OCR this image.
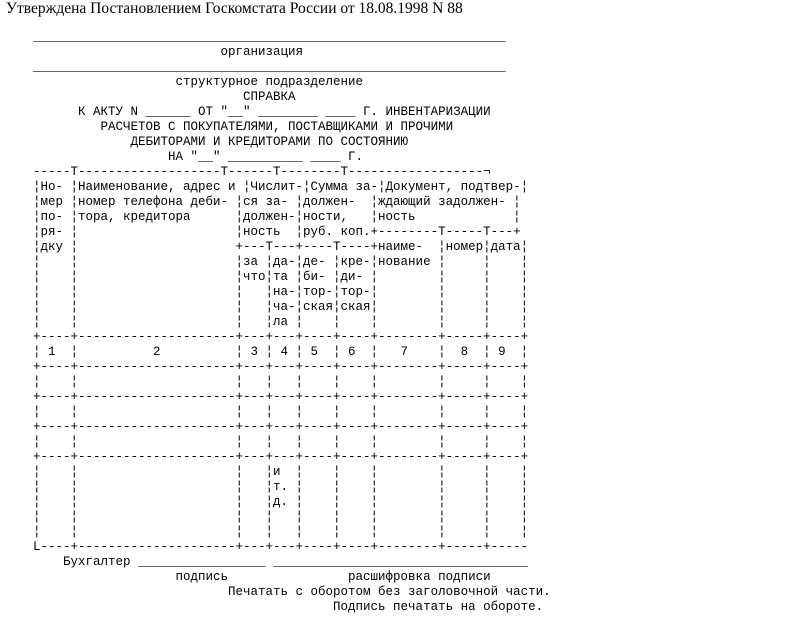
Утверждена Постановлением Госкомстата России от 18.08.1998 N 88
_______________________________________________________________
организация
_______________________________________________________________
структурное подразделение
СПРАВКА
К АКТУ N ______ ОТ "__" ________ ____ Г. ИНВЕНТАРИЗАЦИИ
РАСЧЕТОВ С ПОКУПАТЕЛЯМИ, ПОСТАВЩИКАМИ И ПРОЧИМИ
ДЕБИТОРАМИ И КРЕДИТОРАМИ ПО СОСТОЯНИЮ
НА "__" __________ ____ Г.
-----T-------------------T------T--------T------------------¬
¦Но- ¦Наименование, адрес и ¦Числит-¦Сумма за-¦Документ, подтвер-¦
¦мер ¦номер телефона деби- ¦ся за- ¦должен-  ¦ждающий задолжен- ¦
¦по- ¦тора, кредитора      ¦должен-¦ности,   ¦ность             ¦
¦ря- ¦                     ¦ность  ¦руб. коп.+--------T-----T---+
¦дку ¦                     +---T---+----T----+наиме-  ¦номер¦дата¦
¦    ¦                     ¦за ¦да-¦де- ¦кре-¦нование ¦     ¦    ¦
¦    ¦                     ¦что¦та ¦би- ¦ди- ¦        ¦     ¦    ¦
¦    ¦                     ¦   ¦на-¦тор-¦тор-¦        ¦     ¦    ¦
¦    ¦                     ¦   ¦ча-¦ская¦ская¦        ¦     ¦    ¦
¦    ¦                     ¦   ¦ла ¦    ¦    ¦        ¦     ¦    ¦
+----+---------------------+---+---+----+----+--------+-----+----+
¦ 1  ¦          2          ¦ 3 ¦ 4 ¦ 5  ¦ 6  ¦   7    ¦  8  ¦ 9  ¦
+----+---------------------+---+---+----+----+--------+-----+----+
¦    ¦                     ¦   ¦   ¦    ¦    ¦        ¦     ¦    ¦
+----+---------------------+---+---+----+----+--------+-----+----+
¦    ¦                     ¦   ¦   ¦    ¦    ¦        ¦     ¦    ¦
+----+---------------------+---+---+----+----+--------+-----+----+
¦    ¦                     ¦   ¦   ¦    ¦    ¦        ¦     ¦    ¦
+----+---------------------+---+---+----+----+--------+-----+----+
¦    ¦                     ¦   ¦и  ¦    ¦    ¦        ¦     ¦    ¦
¦    ¦                     ¦   ¦т. ¦    ¦    ¦        ¦     ¦    ¦
¦    ¦                     ¦   ¦д. ¦    ¦    ¦        ¦     ¦    ¦
¦    ¦                     ¦   ¦   ¦    ¦    ¦        ¦     ¦    ¦
¦    ¦                     ¦   ¦   ¦    ¦    ¦        ¦     ¦    ¦
L----+---------------------+---+---+----+----+--------+-----+-----
Бухгалтер _________________ __________________________________
подпись                расшифровка подписи
Печатать с оборотом без заголовочной части.
Подпись печатать на обороте.
